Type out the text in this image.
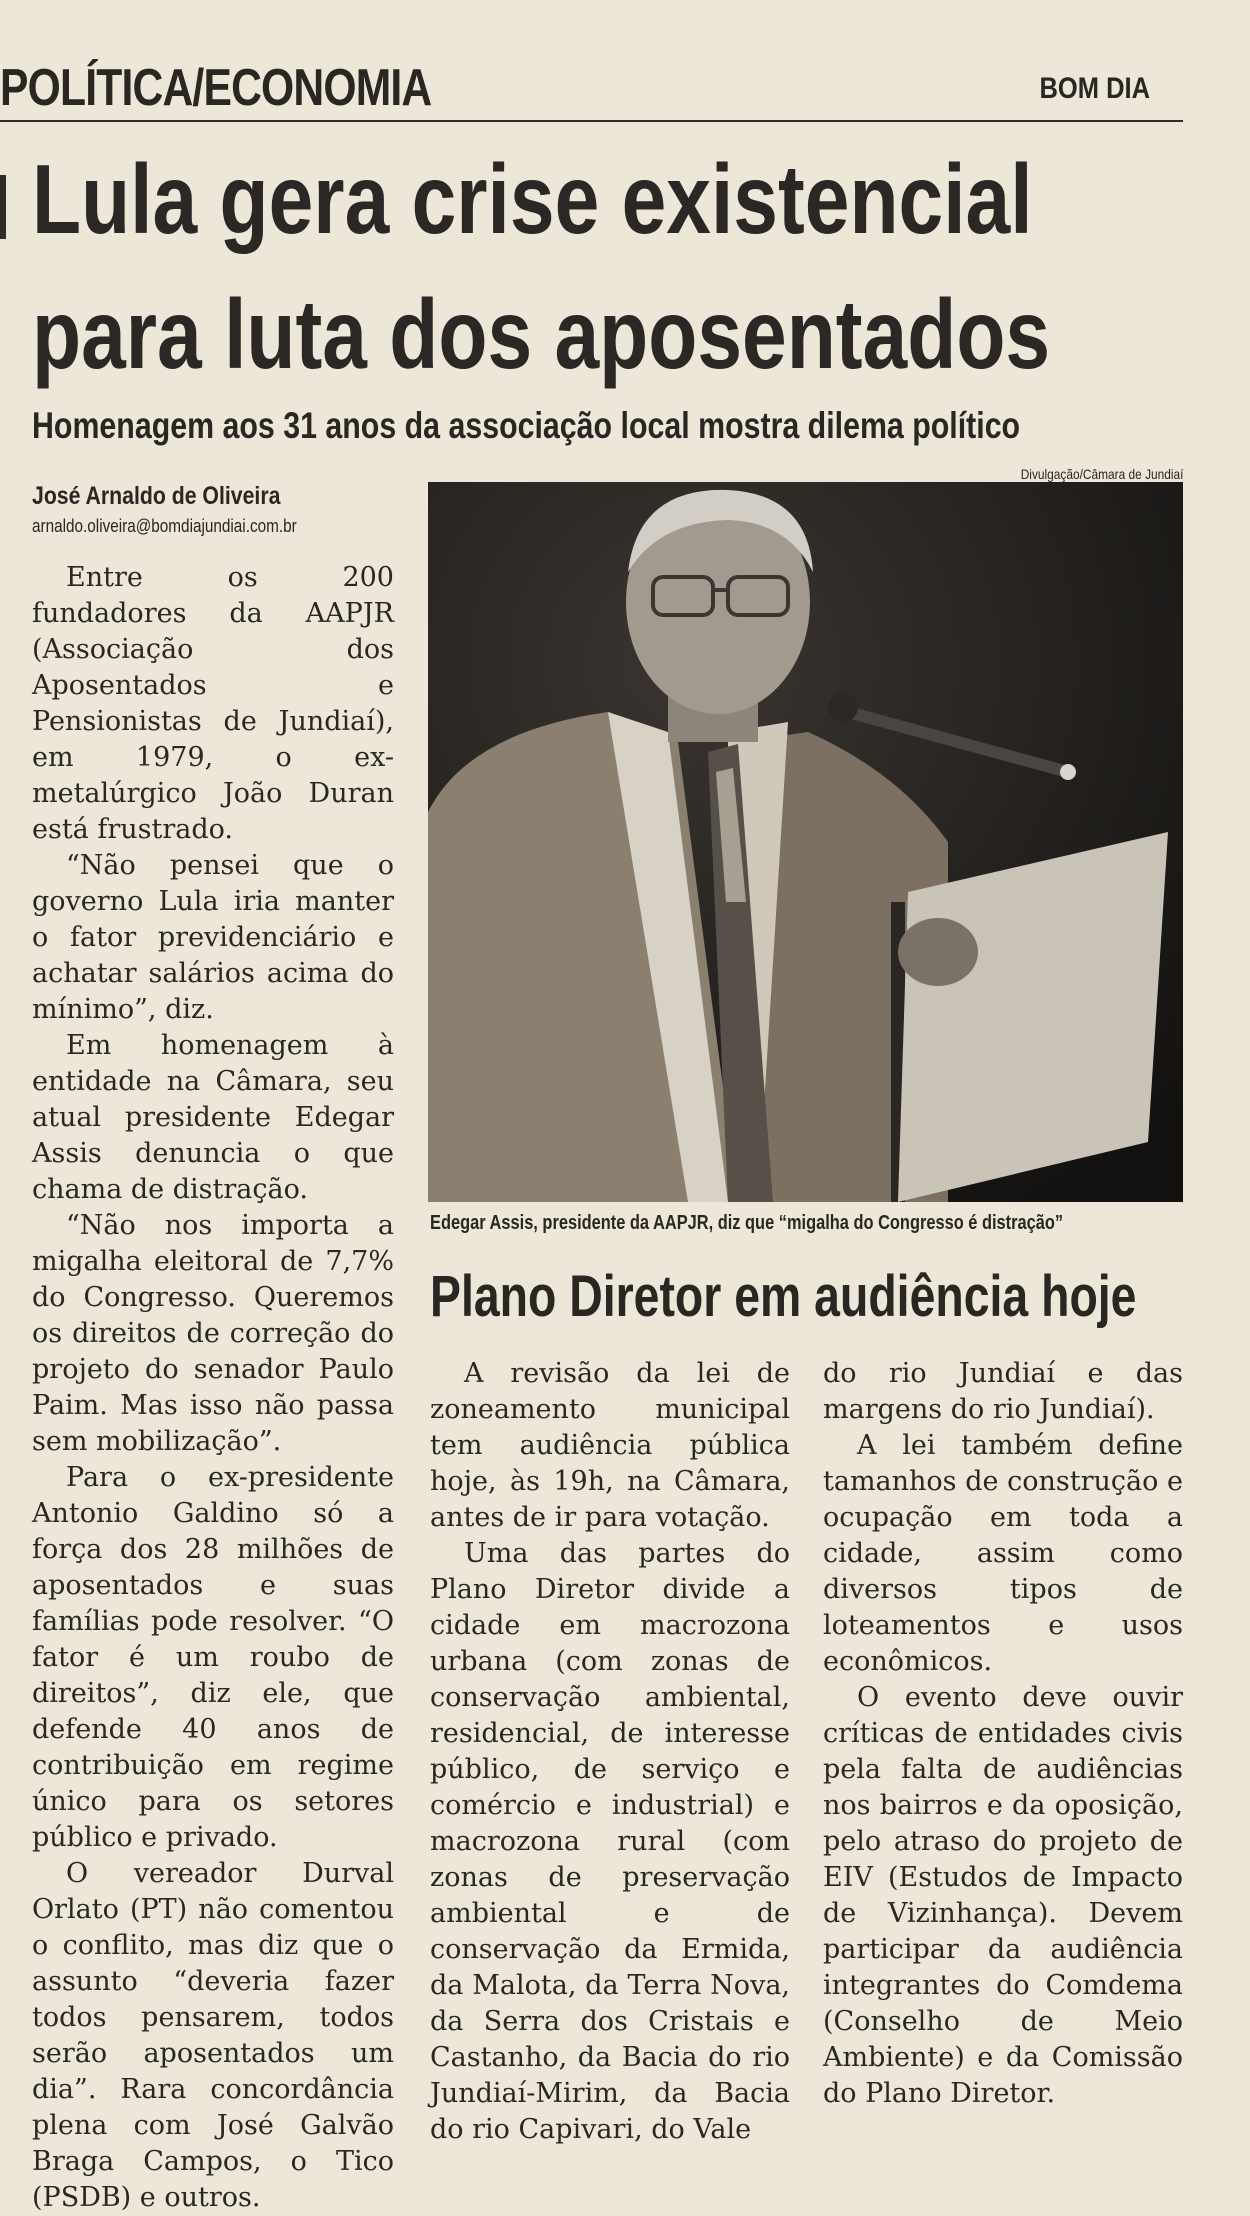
POLÍTICA/ECONOMIA	BOM DIA
Lula gera crise existencial
para luta dos aposentados
Homenagem aos 31 anos da associação local mostra dilema político
Divulgação/Câmara de Jundiaí
José Arnaldo de Oliveira
arnaldo.oliveira@bomdiajundiai.com.br

Entre os 200 fundadores da AAPJR (Associação dos Aposentados e Pensionistas de Jundiaí), em 1979, o ex-metalúrgico João Duran está frustrado.

“Não pensei que o governo Lula iria manter o fator previdenciário e achatar salários acima do mínimo”, diz.

Em homenagem à entidade na Câmara, seu atual presidente Edegar Assis denuncia o que chama de distração.

“Não nos importa a migalha eleitoral de 7,7% do Congresso. Queremos os direitos de correção do projeto do senador Paulo Paim. Mas isso não passa sem mobilização”.

Para o ex-presidente Antonio Galdino só a força dos 28 milhões de aposentados e suas famílias pode resolver. “O fator é um roubo de direitos”, diz ele, que defende 40 anos de contribuição em regime único para os setores público e privado.

O vereador Durval Orlato (PT) não comentou o conflito, mas diz que o assunto “deveria fazer todos pensarem, todos serão aposentados um dia”. Rara concordância plena com José Galvão Braga Campos, o Tico (PSDB) e outros.

Edegar Assis, presidente da AAPJR, diz que “migalha do Congresso é distração”
Plano Diretor em audiência hoje

A revisão da lei de zoneamento municipal tem audiência pública hoje, às 19h, na Câmara, antes de ir para votação.

Uma das partes do Plano Diretor divide a cidade em macrozona urbana (com zonas de conservação ambiental, residencial, de interesse público, de serviço e comércio e industrial) e macrozona rural (com zonas de preservação ambiental e de conservação da Ermida, da Malota, da Terra Nova, da Serra dos Cristais e Castanho, da Bacia do rio Jundiaí-Mirim, da Bacia do rio Capivari, do Vale

do rio Jundiaí e das margens do rio Jundiaí).

A lei também define tamanhos de construção e ocupação em toda a cidade, assim como diversos tipos de loteamentos e usos econômicos.

O evento deve ouvir críticas de entidades civis pela falta de audiências nos bairros e da oposição, pelo atraso do projeto de EIV (Estudos de Impacto de Vizinhança). Devem participar da audiência integrantes do Comdema (Conselho de Meio Ambiente) e da Comissão do Plano Diretor.
